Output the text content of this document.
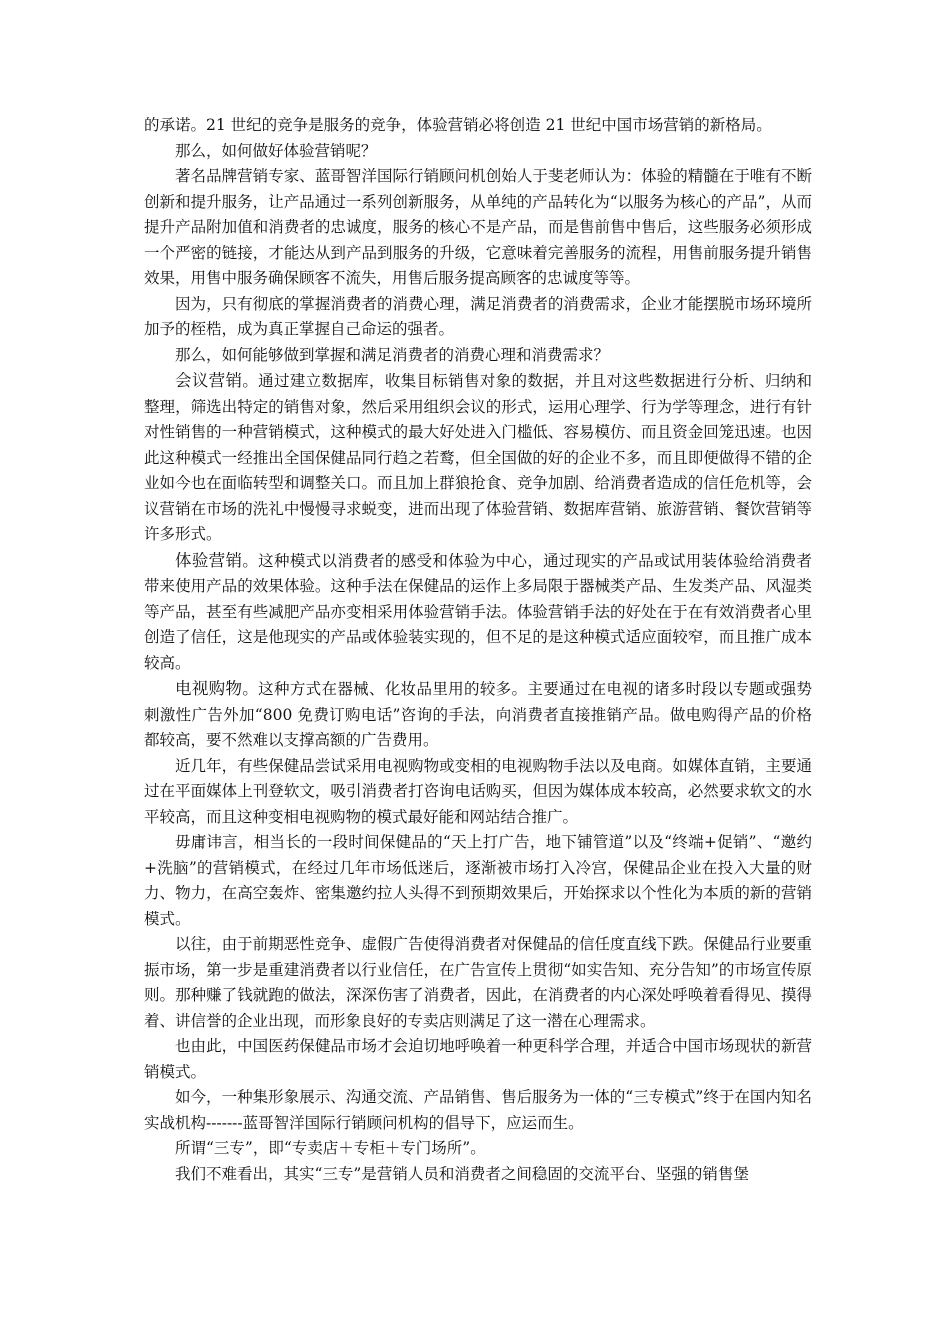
的承诺。21 世纪的竞争是服务的竞争，体验营销必将创造 21 世纪中国市场营销的新格局。

那么，如何做好体验营销呢？

著名品牌营销专家、蓝哥智洋国际行销顾问机创始人于斐老师认为：体验的精髓在于唯有不断创新和提升服务，让产品通过一系列创新服务，从单纯的产品转化为“以服务为核心的产品”，从而提升产品附加值和消费者的忠诚度，服务的核心不是产品，而是售前售中售后，这些服务必须形成一个严密的链接，才能达从到产品到服务的升级，它意味着完善服务的流程，用售前服务提升销售效果，用售中服务确保顾客不流失，用售后服务提高顾客的忠诚度等等。

因为，只有彻底的掌握消费者的消费心理，满足消费者的消费需求，企业才能摆脱市场环境所加予的桎梏，成为真正掌握自己命运的强者。

那么，如何能够做到掌握和满足消费者的消费心理和消费需求？

会议营销。通过建立数据库，收集目标销售对象的数据，并且对这些数据进行分析、归纳和整理，筛选出特定的销售对象，然后采用组织会议的形式，运用心理学、行为学等理念，进行有针对性销售的一种营销模式，这种模式的最大好处进入门槛低、容易模仿、而且资金回笼迅速。也因此这种模式一经推出全国保健品同行趋之若鹜，但全国做的好的企业不多，而且即便做得不错的企业如今也在面临转型和调整关口。而且加上群狼抢食、竞争加剧、给消费者造成的信任危机等，会议营销在市场的洗礼中慢慢寻求蜕变，进而出现了体验营销、数据库营销、旅游营销、餐饮营销等许多形式。

体验营销。这种模式以消费者的感受和体验为中心，通过现实的产品或试用装体验给消费者带来使用产品的效果体验。这种手法在保健品的运作上多局限于器械类产品、生发类产品、风湿类等产品，甚至有些减肥产品亦变相采用体验营销手法。体验营销手法的好处在于在有效消费者心里创造了信任，这是他现实的产品或体验装实现的，但不足的是这种模式适应面较窄，而且推广成本较高。

电视购物。这种方式在器械、化妆品里用的较多。主要通过在电视的诸多时段以专题或强势刺激性广告外加“800 免费订购电话”咨询的手法，向消费者直接推销产品。做电购得产品的价格都较高，要不然难以支撑高额的广告费用。

近几年，有些保健品尝试采用电视购物或变相的电视购物手法以及电商。如媒体直销，主要通过在平面媒体上刊登软文，吸引消费者打咨询电话购买，但因为媒体成本较高，必然要求软文的水平较高，而且这种变相电视购物的模式最好能和网站结合推广。

毋庸讳言，相当长的一段时间保健品的“天上打广告，地下铺管道”以及“终端+促销”、“邀约+洗脑”的营销模式，在经过几年市场低迷后，逐渐被市场打入冷宫，保健品企业在投入大量的财力、物力，在高空轰炸、密集邀约拉人头得不到预期效果后，开始探求以个性化为本质的新的营销模式。

以往，由于前期恶性竞争、虚假广告使得消费者对保健品的信任度直线下跌。保健品行业要重振市场，第一步是重建消费者以行业信任，在广告宣传上贯彻“如实告知、充分告知”的市场宣传原则。那种赚了钱就跑的做法，深深伤害了消费者，因此，在消费者的内心深处呼唤着看得见、摸得着、讲信誉的企业出现，而形象良好的专卖店则满足了这一潜在心理需求。

也由此，中国医药保健品市场才会迫切地呼唤着一种更科学合理，并适合中国市场现状的新营销模式。

如今，一种集形象展示、沟通交流、产品销售、售后服务为一体的“三专模式”终于在国内知名实战机构-------蓝哥智洋国际行销顾问机构的倡导下，应运而生。

所谓“三专”，即“专卖店＋专柜＋专门场所”。

我们不难看出，其实“三专”是营销人员和消费者之间稳固的交流平台、坚强的销售堡
